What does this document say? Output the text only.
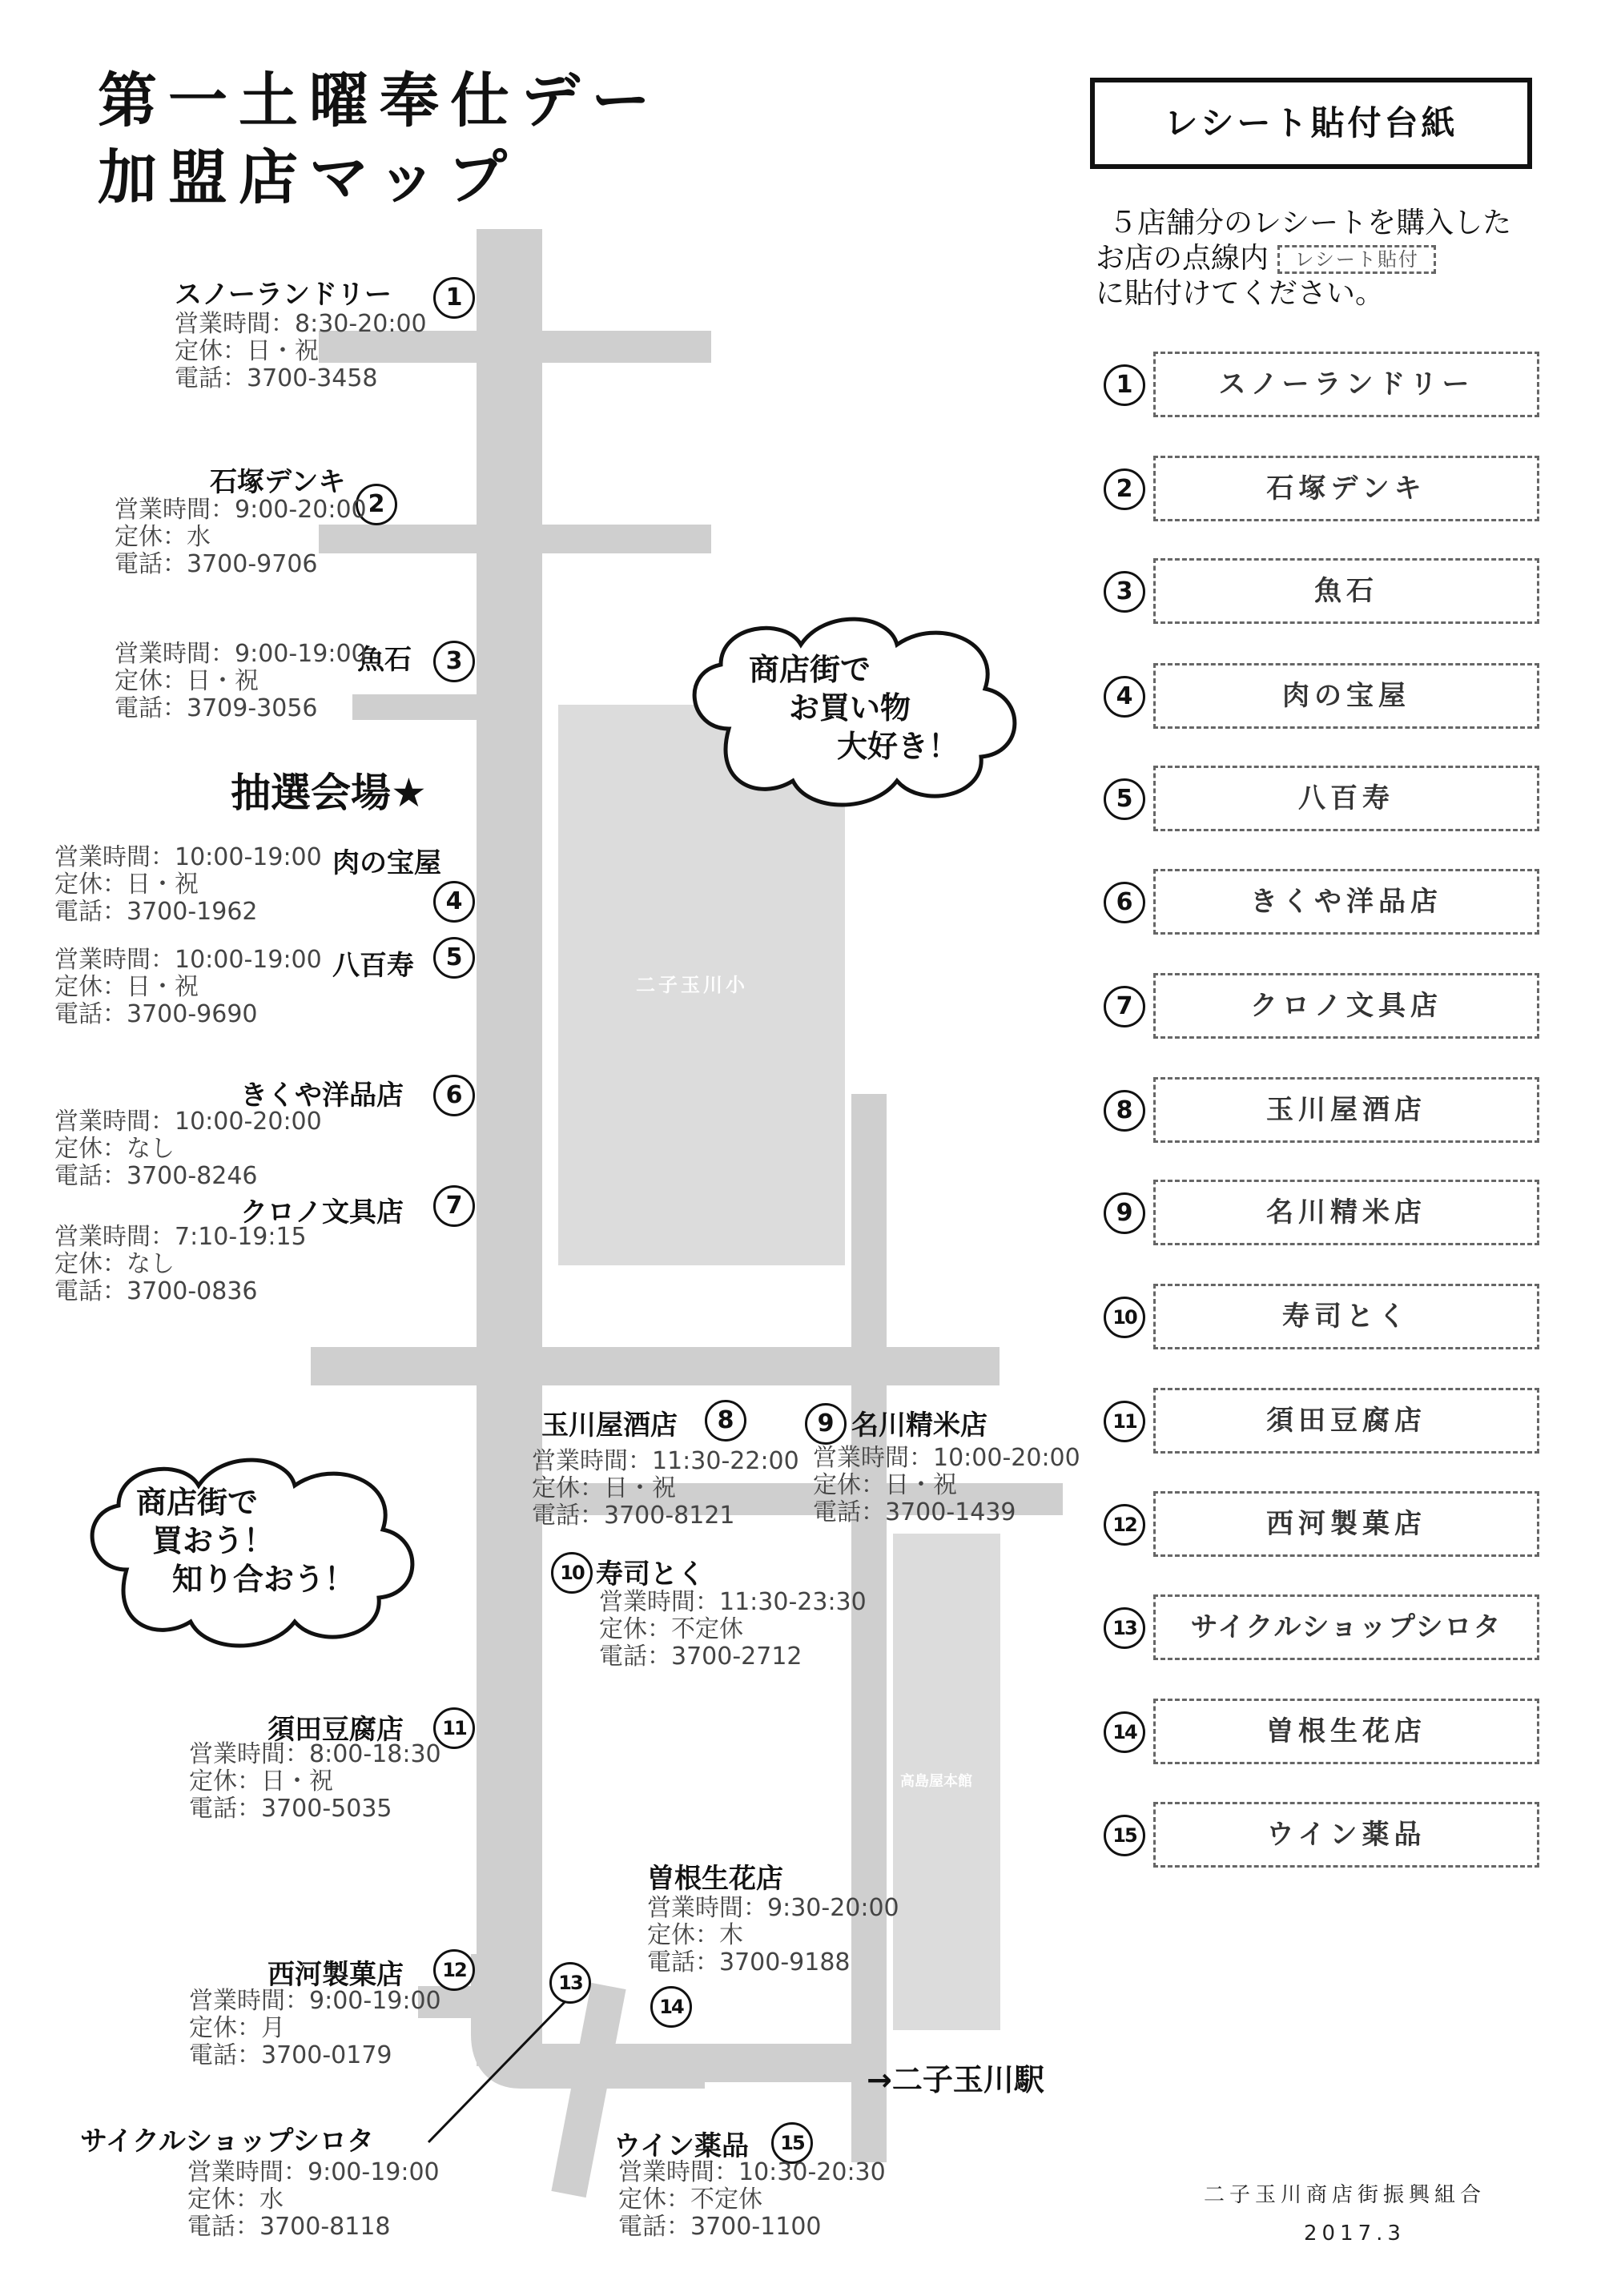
第一土曜奉仕デー
加盟店マップ
二子玉川小
高島屋本館
商店街で
お買い物
大好き！
商店街で
買おう！
知り合おう！
抽選会場★
→二子玉川駅
スノーランドリー	1
営業時間：8:30-20:00
定休：日・祝
電話：3700-3458
石塚デンキ
2
営業時間：9:00-20:00
定休：水
電話：3700-9706
魚石	3
営業時間：9:00-19:00
定休：日・祝
電話：3709-3056
肉の宝屋
4
営業時間：10:00-19:00
定休：日・祝
電話：3700-1962
八百寿	5
営業時間：10:00-19:00
定休：日・祝
電話：3700-9690
きくや洋品店	6
営業時間：10:00-20:00
定休：なし
電話：3700-8246
クロノ文具店	7
営業時間：7:10-19:15
定休：なし
電話：3700-0836
玉川屋酒店	8
営業時間：11:30-22:00
定休：日・祝
電話：3700-8121
9 名川精米店
営業時間：10:00-20:00
定休：日・祝
電話：3700-1439
10 寿司とく
営業時間：11:30-23:30
定休：不定休
電話：3700-2712
須田豆腐店	11
営業時間：8:00-18:30
定休：日・祝
電話：3700-5035
西河製菓店	12
営業時間：9:00-19:00
定休：月
電話：3700-0179
13
サイクルショップシロタ
営業時間：9:00-19:00
定休：水
電話：3700-8118
曽根生花店
営業時間：9:30-20:00
定休：木
電話：3700-9188
14
ウイン薬品	15
営業時間：10:30-20:30
定休：不定休
電話：3700-1100
レシート貼付台紙
５店舗分のレシートを購入した
お店の点線内 レシート貼付
に貼付けてください。
1	スノーランドリー
2	石塚デンキ
3	魚石
4	肉の宝屋
5	八百寿
6	きくや洋品店
7	クロノ文具店
8	玉川屋酒店
9	名川精米店
10	寿司とく
11	須田豆腐店
12	西河製菓店
13	サイクルショップシロタ
14	曽根生花店
15	ウイン薬品
二子玉川商店街振興組合
2017.3
